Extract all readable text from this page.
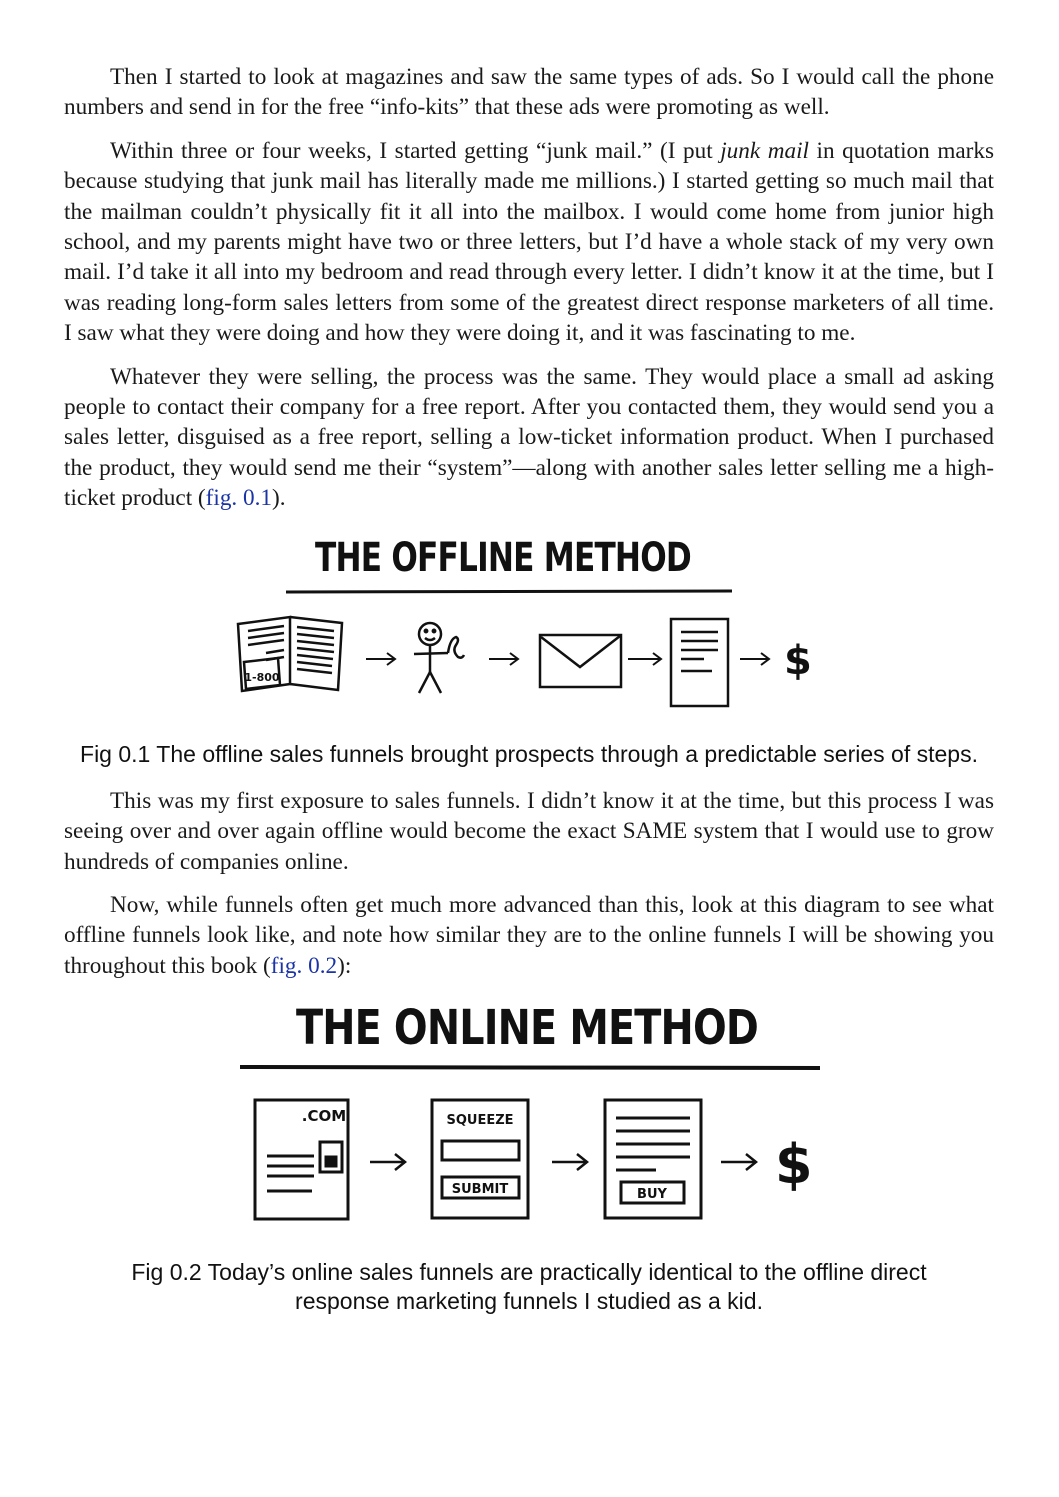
Then I started to look at magazines and saw the same types of ads. So I would call the phone numbers and send in for the free “info-kits” that these ads were promoting as well.

Within three or four weeks, I started getting “junk mail.” (I put junk mail in quotation marks because studying that junk mail has literally made me millions.) I started getting so much mail that the mailman couldn’t physically fit it all into the mailbox. I would come home from junior high school, and my parents might have two or three letters, but I’d have a whole stack of my very own mail. I’d take it all into my bedroom and read through every letter. I didn’t know it at the time, but I was reading long-form sales letters from some of the greatest direct response marketers of all time. I saw what they were doing and how they were doing it, and it was fascinating to me.

Whatever they were selling, the process was the same. They would place a small ad asking people to contact their company for a free report. After you contacted them, they would send you a sales letter, disguised as a free report, selling a low-ticket information product. When I purchased the product, they would send me their “system”—along with another sales letter selling me a high-ticket product (fig. 0.1).

THE OFFLINE METHOD
1-800	$

Fig 0.1 The offline sales funnels brought prospects through a predictable series of steps.

This was my first exposure to sales funnels. I didn’t know it at the time, but this process I was seeing over and over again offline would become the exact SAME system that I would use to grow hundreds of companies online.

Now, while funnels often get much more advanced than this, look at this diagram to see what offline funnels look like, and note how similar they are to the online funnels I will be showing you throughout this book (fig. 0.2):

THE ONLINE METHOD
.COM	SQUEEZE
SUBMIT	BUY $

Fig 0.2 Today’s online sales funnels are practically identical to the offline direct response marketing funnels I studied as a kid.
